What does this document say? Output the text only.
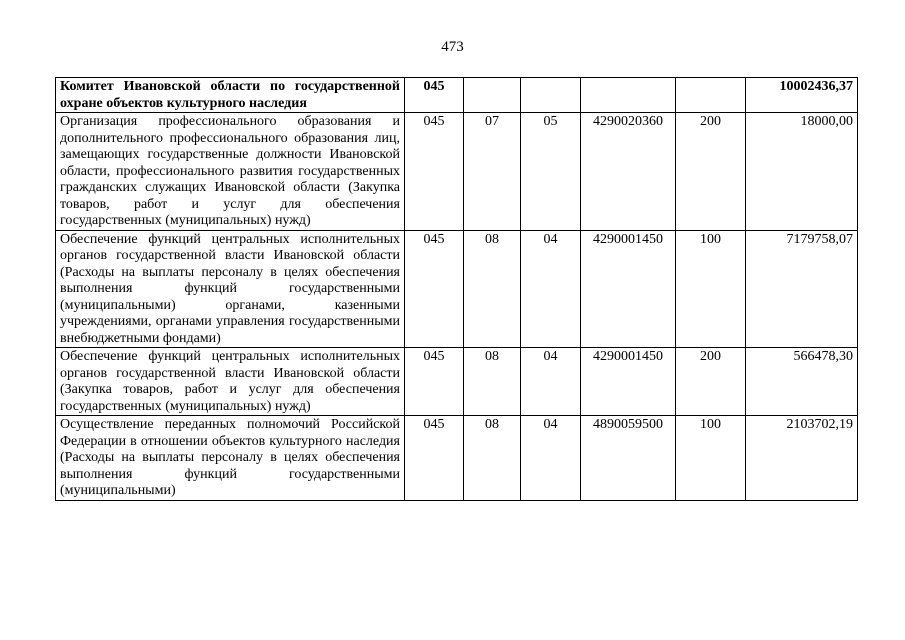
473
Комитет Ивановской области по государственной охране объектов культурного наследия	045					10002436,37
Организация профессионального образования и дополнительного профессионального образования лиц, замещающих государственные должности Ивановской области, профессионального развития государственных гражданских служащих Ивановской области (Закупка товаров, работ и услуг для обеспечения государственных (муниципальных) нужд)	045	07	05	4290020360	200	18000,00
Обеспечение функций центральных исполнительных органов государственной власти Ивановской области (Расходы на выплаты персоналу в целях обеспечения выполнения функций государственными (муниципальными) органами, казенными учреждениями, органами управления государственными внебюджетными фондами)	045	08	04	4290001450	100	7179758,07
Обеспечение функций центральных исполнительных органов государственной власти Ивановской области (Закупка товаров, работ и услуг для обеспечения государственных (муниципальных) нужд)	045	08	04	4290001450	200	566478,30
Осуществление переданных полномочий Российской Федерации в отношении объектов культурного наследия (Расходы на выплаты персоналу в целях обеспечения выполнения функций государственными (муниципальными)	045	08	04	4890059500	100	2103702,19
